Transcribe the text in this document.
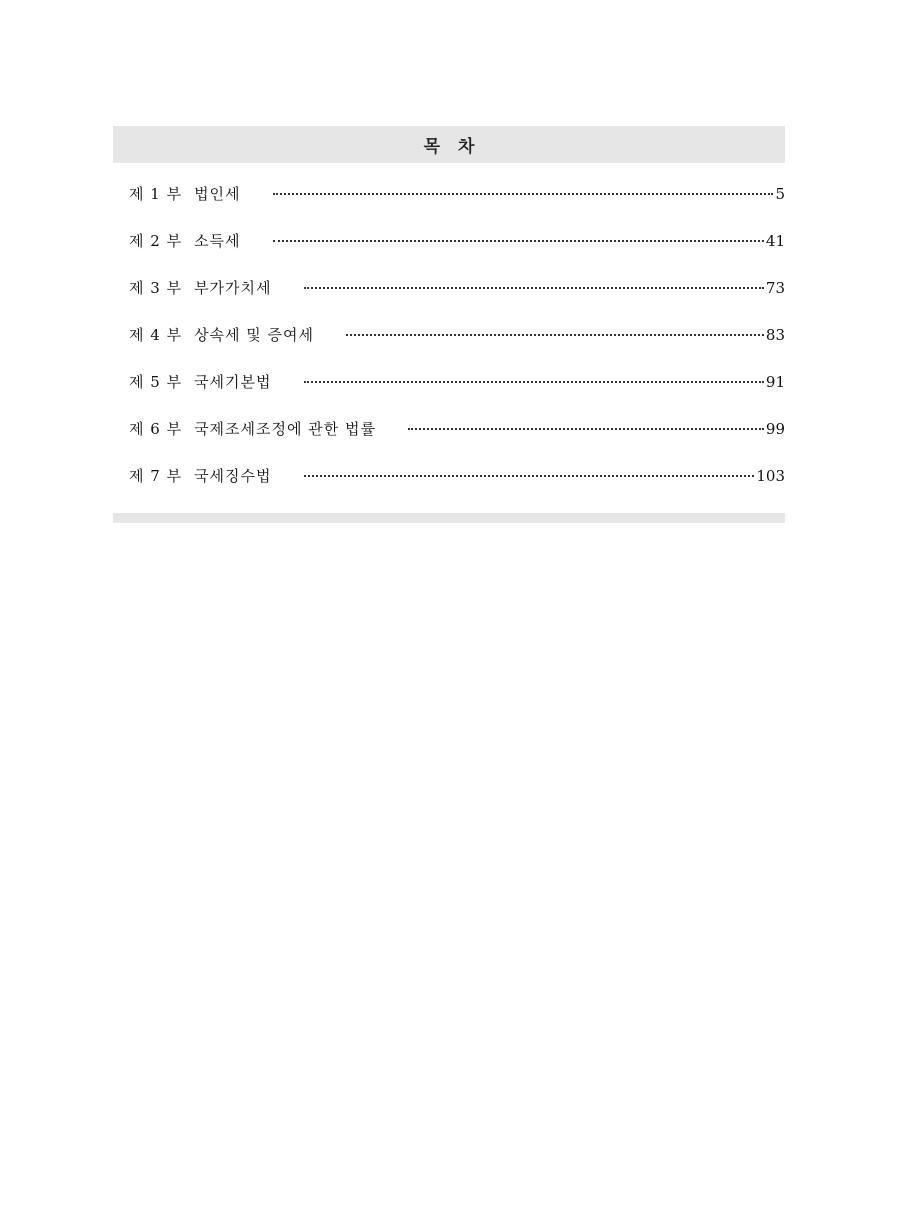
목 차
제 1 부 법인세	5
제 2 부 소득세	41
제 3 부 부가가치세	73
제 4 부 상속세 및 증여세	83
제 5 부 국세기본법	91
제 6 부 국제조세조정에 관한 법률	99
제 7 부 국세징수법	103
